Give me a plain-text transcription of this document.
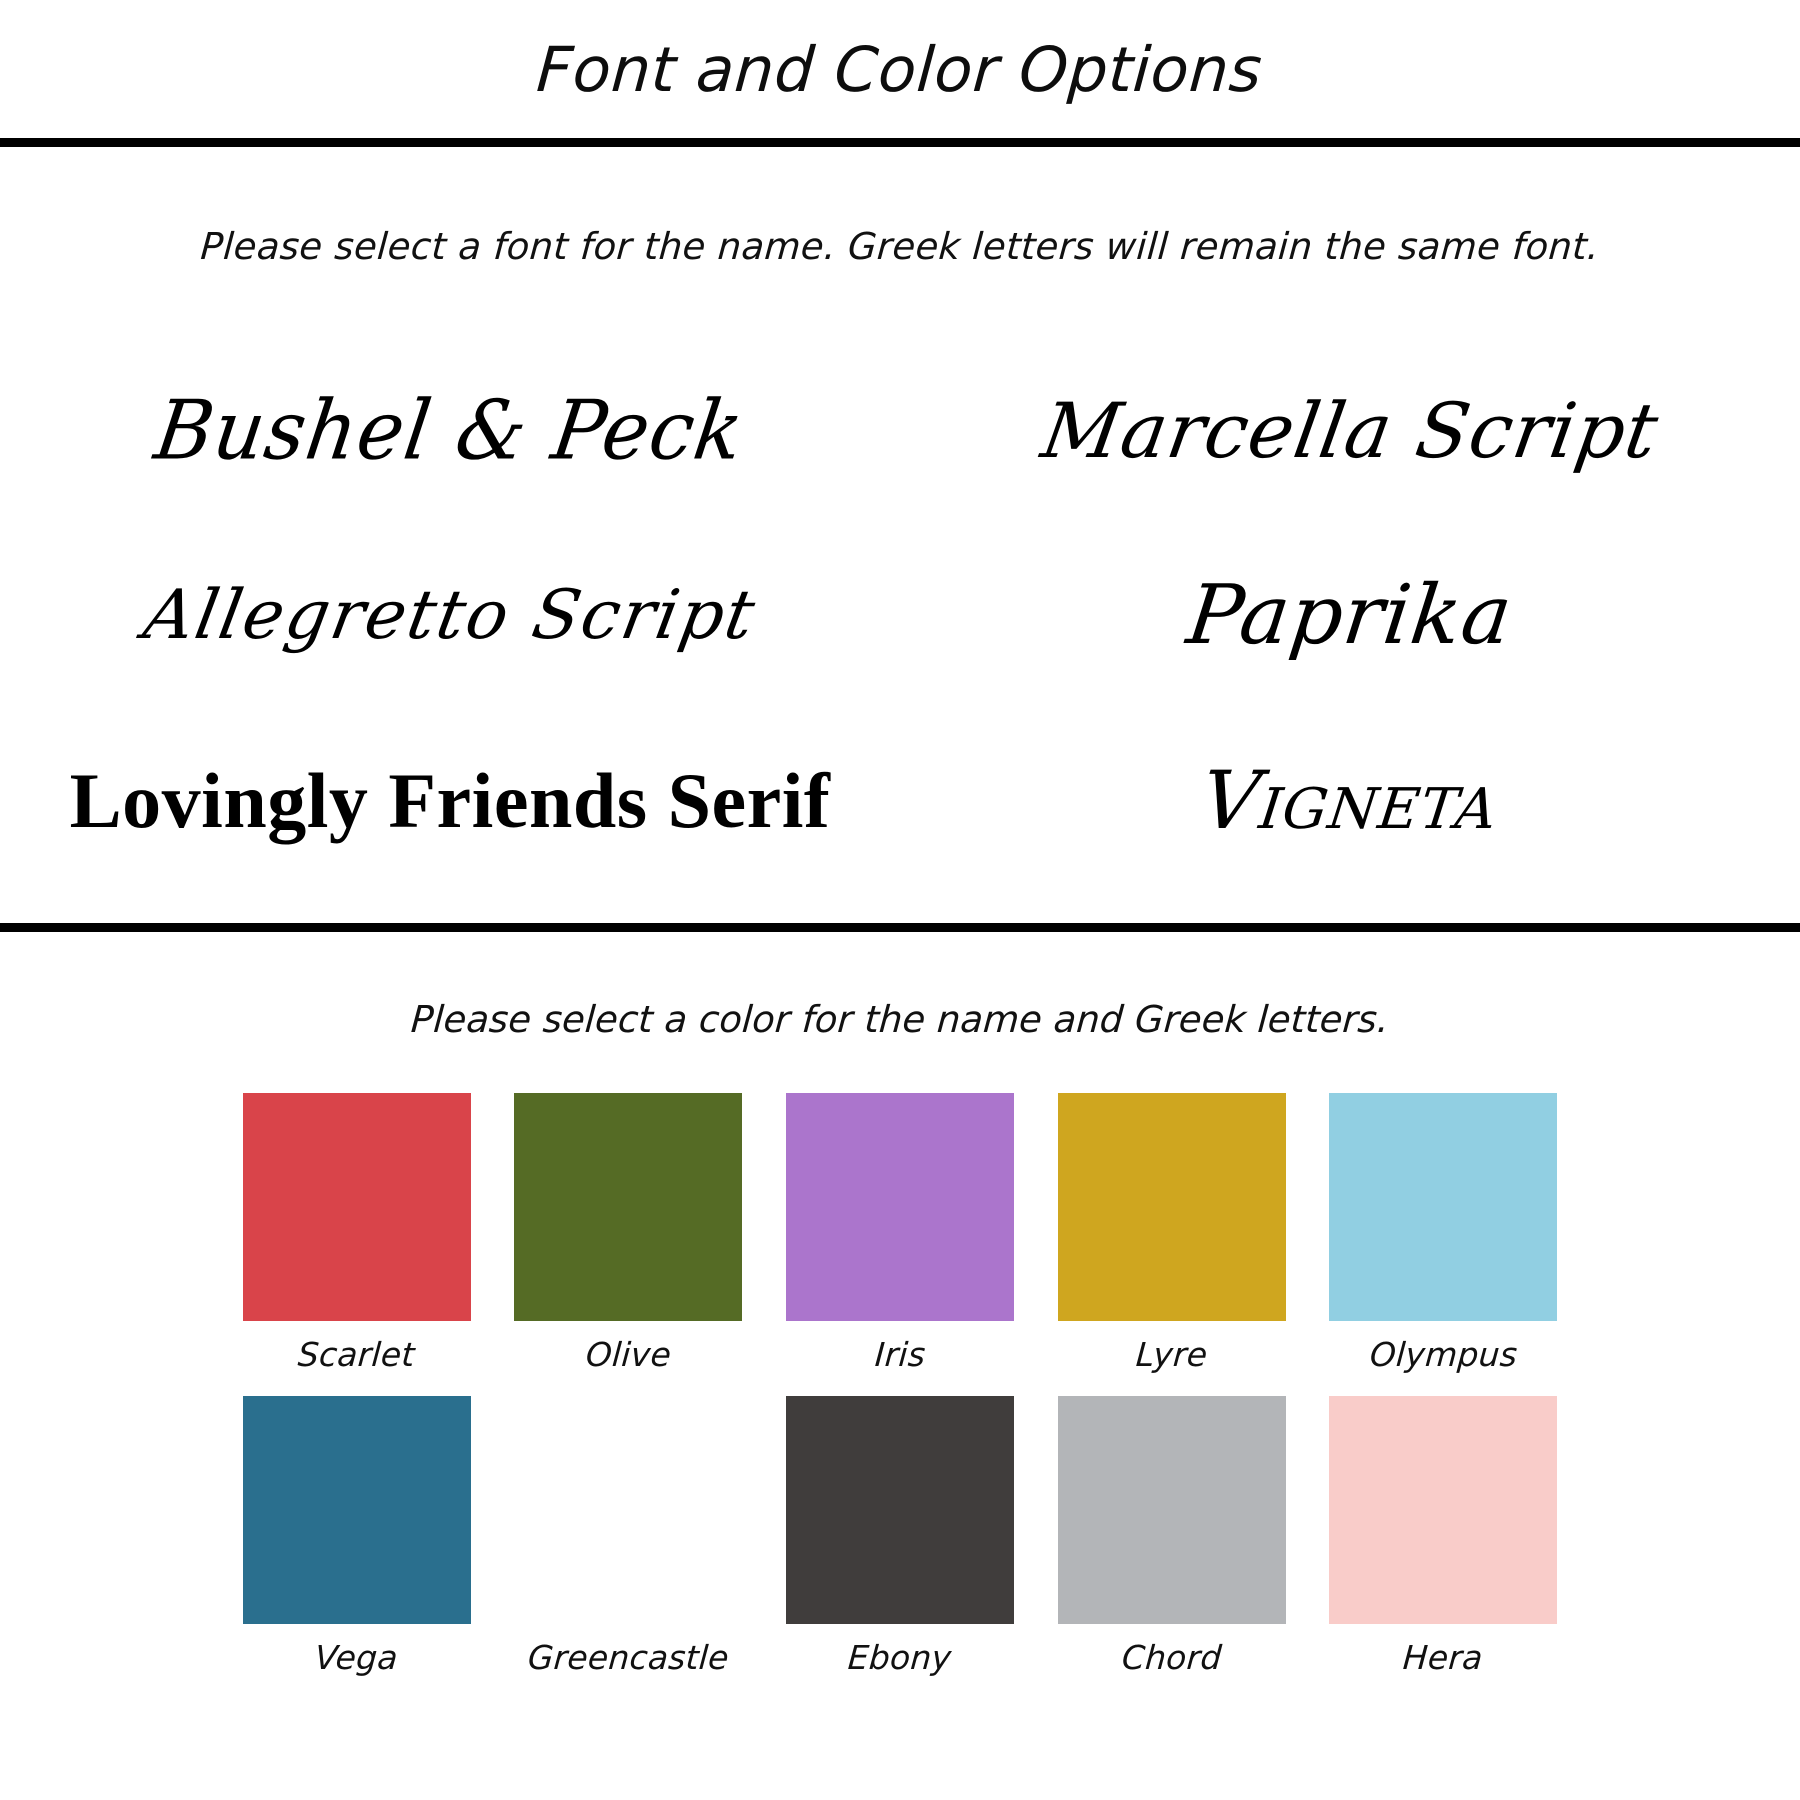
Font and Color Options
Please select a font for the name. Greek letters will remain the same font.
Bushel & Peck	Marcella Script
Allegretto Script	Paprika
Lovingly Friends Serif	Vigneta
Please select a color for the name and Greek letters.
Scarlet	Olive	Iris	Lyre	Olympus
Vega	Greencastle	Ebony	Chord	Hera
